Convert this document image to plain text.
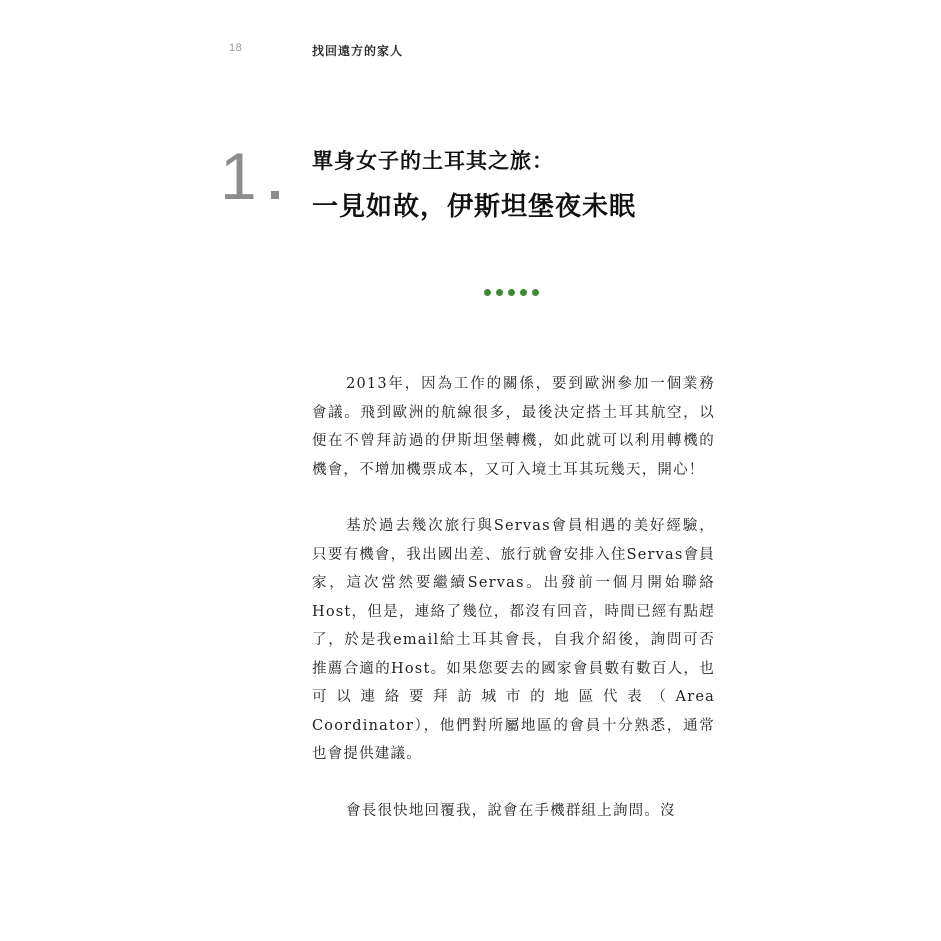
18	找回遠方的家人
1	單身女子的土耳其之旅：
一見如故，伊斯坦堡夜未眠

2013年，因為工作的關係，要到歐洲參加一個業務會議。飛到歐洲的航線很多，最後決定搭土耳其航空，以便在不曾拜訪過的伊斯坦堡轉機，如此就可以利用轉機的機會，不增加機票成本，又可入境土耳其玩幾天，開心！

基於過去幾次旅行與Servas會員相遇的美好經驗，只要有機會，我出國出差、旅行就會安排入住Servas會員家，這次當然要繼續Servas。出發前一個月開始聯絡Host，但是，連絡了幾位，都沒有回音，時間已經有點趕了，於是我email給土耳其會長，自我介紹後，詢問可否推薦合適的Host。如果您要去的國家會員數有數百人，也可以連絡要拜訪城市的地區代表（Area Coordinator），他們對所屬地區的會員十分熟悉，通常也會提供建議。

會長很快地回覆我，說會在手機群組上詢問。沒
